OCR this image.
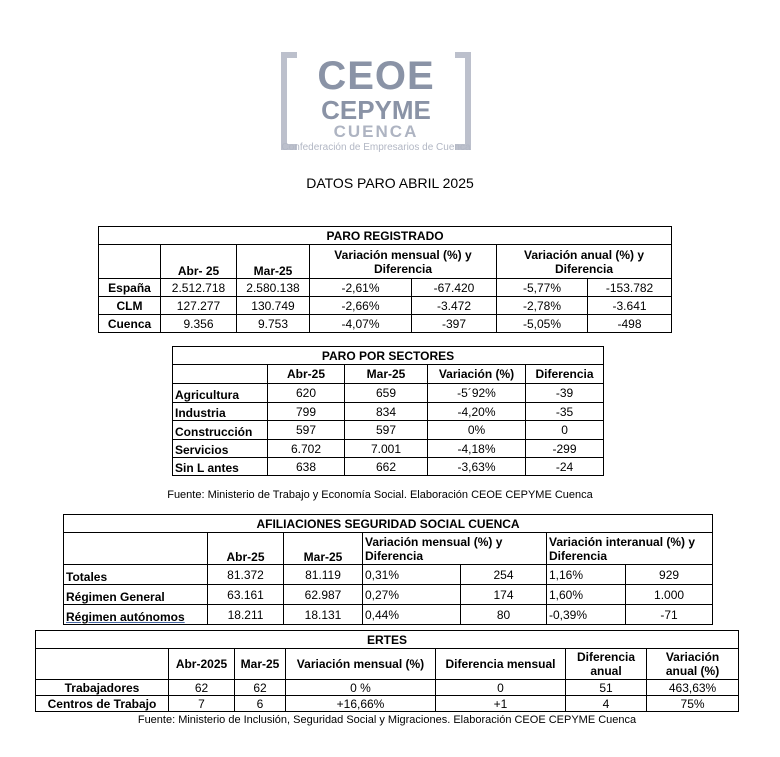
CEOE
CEPYME
CUENCA
Confederación de Empresarios de Cuenca
DATOS PARO ABRIL 2025
PARO REGISTRADO						
	Abr- 25	Mar-25	Variación mensual (%) y Diferencia		Variación anual (%) y Diferencia	
España	2.512.718	2.580.138	-2,61%	-67.420	-5,77%	-153.782
CLM	127.277	130.749	-2,66%	-3.472	-2,78%	-3.641
Cuenca	9.356	9.753	-4,07%	-397	-5,05%	-498
PARO POR SECTORES				
	Abr-25	Mar-25	Variación (%)	Diferencia
Agricultura	620	659	-5´92%	-39
Industria	799	834	-4,20%	-35
Construcción	597	597	0%	0
Servicios	6.702	7.001	-4,18%	-299
Sin L antes	638	662	-3,63%	-24
Fuente: Ministerio de Trabajo y Economía Social. Elaboración CEOE CEPYME Cuenca
AFILIACIONES SEGURIDAD SOCIAL CUENCA						
	Abr-25	Mar-25	Variación mensual (%) y Diferencia		Variación interanual (%) y Diferencia	
Totales	81.372	81.119	0,31%	254	1,16%	929
Régimen General	63.161	62.987	0,27%	174	1,60%	1.000
Régimen autónomos	18.211	18.131	0,44%	80	-0,39%	-71
ERTES						
	Abr-2025	Mar-25	Variación mensual (%)	Diferencia mensual	Diferencia anual	Variación anual (%)
Trabajadores	62	62	0 %	0	51	463,63%
Centros de Trabajo	7	6	+16,66%	+1	4	75%
Fuente: Ministerio de Inclusión, Seguridad Social y Migraciones. Elaboración CEOE CEPYME Cuenca
